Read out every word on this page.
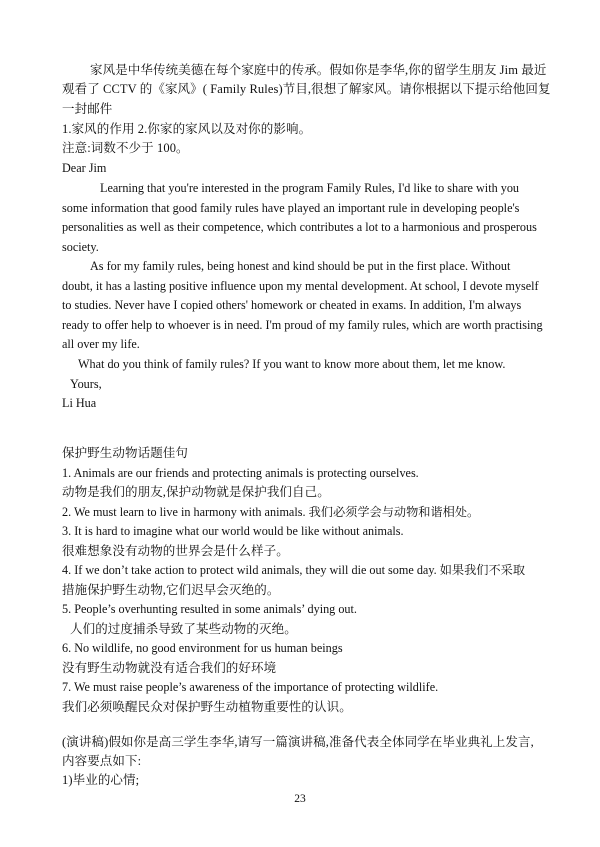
家风是中华传统美德在每个家庭中的传承。假如你是李华,你的留学生朋友 Jim 最近
观看了 CCTV 的《家风》( Family Rules)节目,很想了解家风。请你根据以下提示给他回复
一封邮件
1.家风的作用 2.你家的家风以及对你的影响。
注意:词数不少于 100。
Dear Jim
Learning that you're interested in the program Family Rules, I'd like to share with you
some information that good family rules have played an important rule in developing people's
personalities as well as their competence, which contributes a lot to a harmonious and prosperous
society.
As for my family rules, being honest and kind should be put in the first place. Without
doubt, it has a lasting positive influence upon my mental development. At school, I devote myself
to studies. Never have I copied others' homework or cheated in exams. In addition, I'm always
ready to offer help to whoever is in need. I'm proud of my family rules, which are worth practising
all over my life.
What do you think of family rules? If you want to know more about them, let me know.
Yours,
Li Hua
保护野生动物话题佳句
1. Animals are our friends and protecting animals is protecting ourselves.
动物是我们的朋友,保护动物就是保护我们自己。
2. We must learn to live in harmony with animals. 我们必须学会与动物和谐相处。
3. It is hard to imagine what our world would be like without animals.
很难想象没有动物的世界会是什么样子。
4. If we don’t take action to protect wild animals, they will die out some day. 如果我们不采取
措施保护野生动物,它们迟早会灭绝的。
5. People’s overhunting resulted in some animals’ dying out.
人们的过度捕杀导致了某些动物的灭绝。
6. No wildlife, no good environment for us human beings
没有野生动物就没有适合我们的好环境
7. We must raise people’s awareness of the importance of protecting wildlife.
我们必须唤醒民众对保护野生动植物重要性的认识。
(演讲稿)假如你是高三学生李华,请写一篇演讲稿,准备代表全体同学在毕业典礼上发言,
内容要点如下:
1)毕业的心情;
23
